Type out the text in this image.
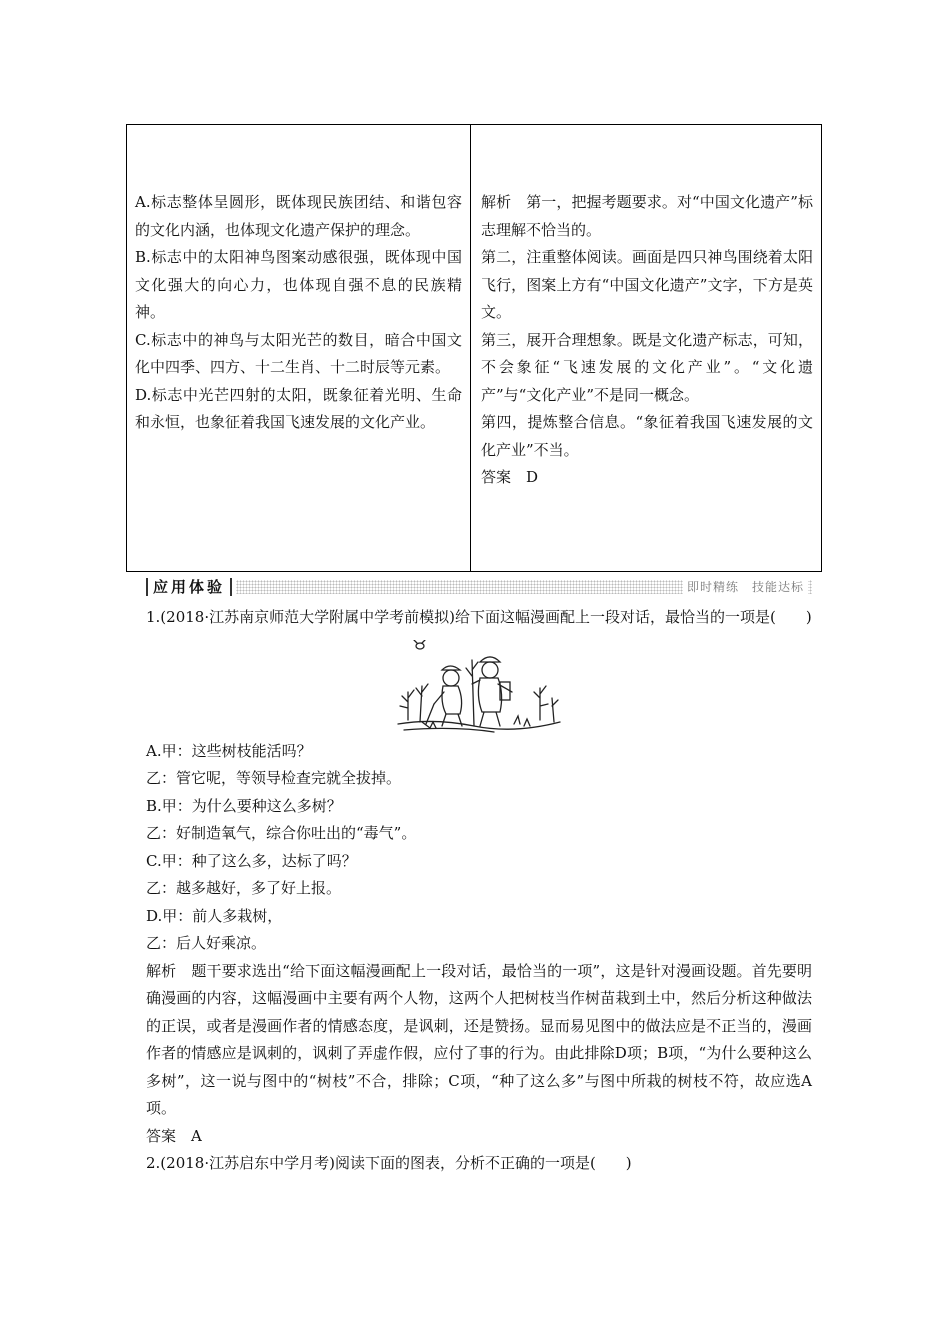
A.标志整体呈圆形，既体现民族团结、和谐包容的文化内涵，也体现文化遗产保护的理念。

B.标志中的太阳神鸟图案动感很强，既体现中国文化强大的向心力，也体现自强不息的民族精神。

C.标志中的神鸟与太阳光芒的数目，暗合中国文化中四季、四方、十二生肖、十二时辰等元素。

D.标志中光芒四射的太阳，既象征着光明、生命和永恒，也象征着我国飞速发展的文化产业。

解析　第一，把握考题要求。对“中国文化遗产”标志理解不恰当的。

第二，注重整体阅读。画面是四只神鸟围绕着太阳飞行，图案上方有“中国文化遗产”文字，下方是英文。

第三，展开合理想象。既是文化遗产标志，可知，不会象征“飞速发展的文化产业”。“文化遗产”与“文化产业”不是同一概念。

第四，提炼整合信息。“象征着我国飞速发展的文化产业”不当。

答案　D

应用体验	即时精练　技能达标

1.(2018·江苏南京师范大学附属中学考前模拟)给下面这幅漫画配上一段对话，最恰当的一项是(　　)

A.甲：这些树枝能活吗？

乙：管它呢，等领导检查完就全拔掉。

B.甲：为什么要种这么多树？

乙：好制造氧气，综合你吐出的“毒气”。

C.甲：种了这么多，达标了吗？

乙：越多越好，多了好上报。

D.甲：前人多栽树，

乙：后人好乘凉。

解析　题干要求选出“给下面这幅漫画配上一段对话，最恰当的一项”，这是针对漫画设题。首先要明确漫画的内容，这幅漫画中主要有两个人物，这两个人把树枝当作树苗栽到土中，然后分析这种做法的正误，或者是漫画作者的情感态度，是讽刺，还是赞扬。显而易见图中的做法应是不正当的，漫画作者的情感应是讽刺的，讽刺了弄虚作假，应付了事的行为。由此排除D项；B项，“为什么要种这么多树”，这一说与图中的“树枝”不合，排除；C项，“种了这么多”与图中所栽的树枝不符，故应选A项。

答案　A

2.(2018·江苏启东中学月考)阅读下面的图表，分析不正确的一项是(　　)
